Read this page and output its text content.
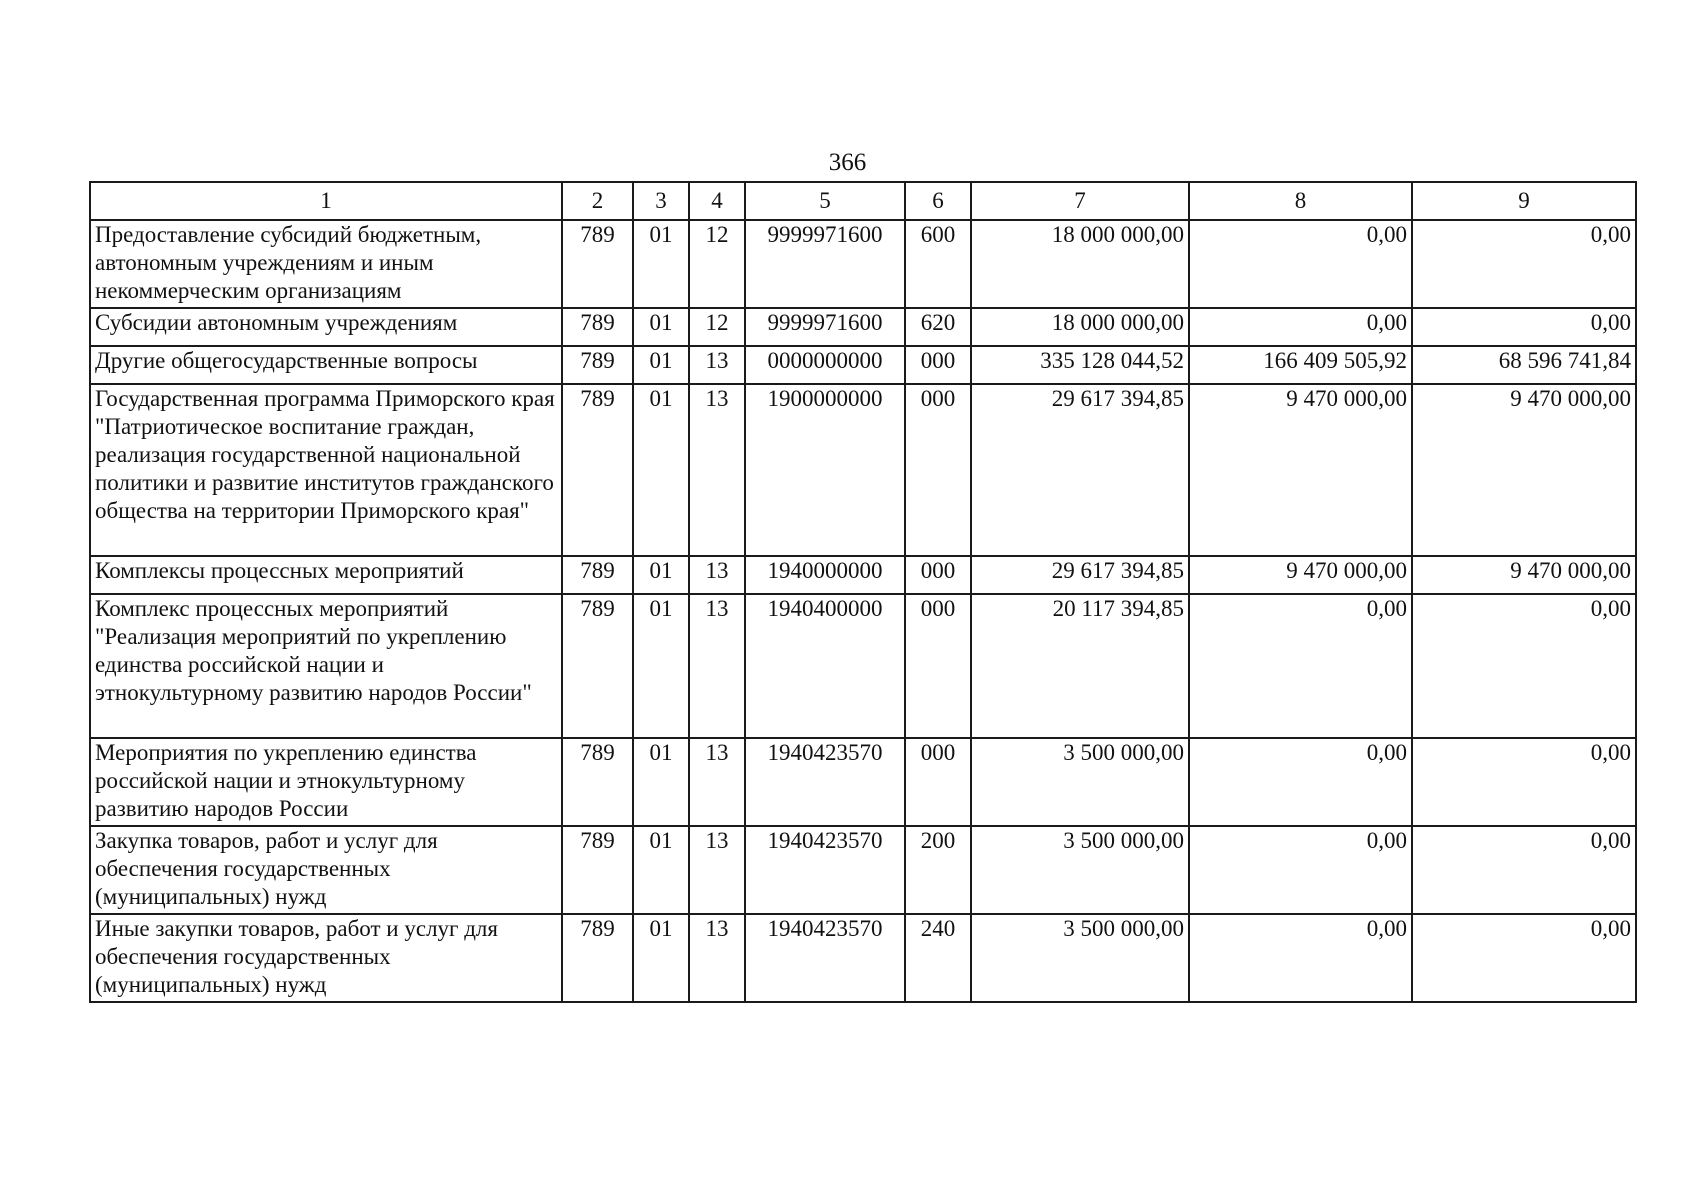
366
1	2	3	4	5	6	7	8	9
Предоставление субсидий бюджетным, автономным учреждениям и иным некоммерческим организациям	789	01	12	9999971600	600	18 000 000,00	0,00	0,00
Субсидии автономным учреждениям	789	01	12	9999971600	620	18 000 000,00	0,00	0,00
Другие общегосударственные вопросы	789	01	13	0000000000	000	335 128 044,52	166 409 505,92	68 596 741,84
Государственная программа Приморского края "Патриотическое воспитание граждан, реализация государственной национальной политики и развитие институтов гражданского общества на территории Приморского края"	789	01	13	1900000000	000	29 617 394,85	9 470 000,00	9 470 000,00
Комплексы процессных мероприятий	789	01	13	1940000000	000	29 617 394,85	9 470 000,00	9 470 000,00
Комплекс процессных мероприятий "Реализация мероприятий по укреплению единства российской нации и этнокультурному развитию народов России"	789	01	13	1940400000	000	20 117 394,85	0,00	0,00
Мероприятия по укреплению единства российской нации и этнокультурному развитию народов России	789	01	13	1940423570	000	3 500 000,00	0,00	0,00
Закупка товаров, работ и услуг для обеспечения государственных (муниципальных) нужд	789	01	13	1940423570	200	3 500 000,00	0,00	0,00
Иные закупки товаров, работ и услуг для обеспечения государственных (муниципальных) нужд	789	01	13	1940423570	240	3 500 000,00	0,00	0,00
